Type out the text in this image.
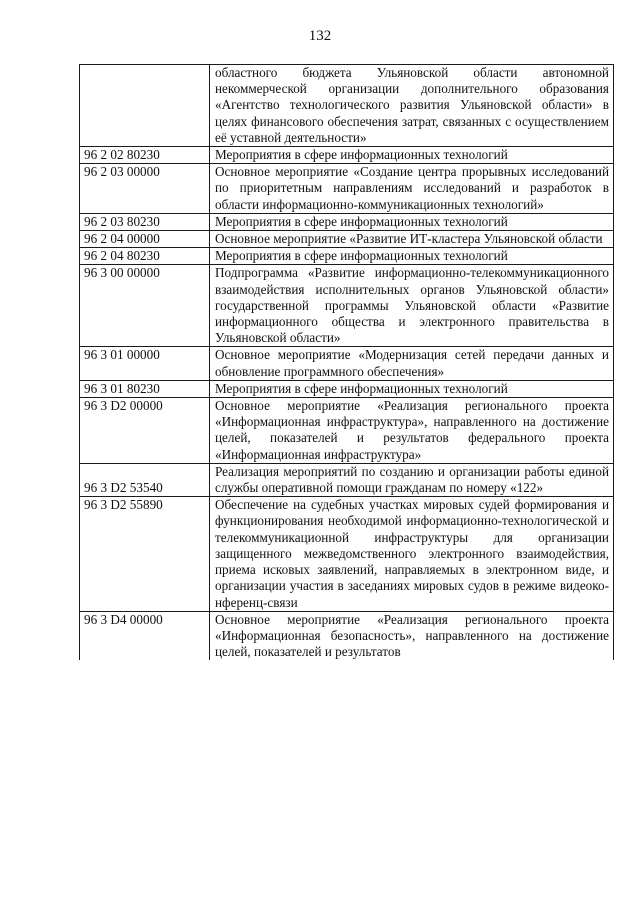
132
	областного бюджета Ульяновской области автономной некоммерческой организации дополнительного образования «Агентство технологического развития Ульяновской области» в целях финансового обеспечения затрат, связанных с осуществлением её уставной деятельности»
96 2 02 80230	Мероприятия в сфере информационных технологий
96 2 03 00000	Основное мероприятие «Создание центра прорывных исследований по приоритетным направлениям исследований и разработок в области информационно-коммуникационных технологий»
96 2 03 80230	Мероприятия в сфере информационных технологий
96 2 04 00000	Основное мероприятие «Развитие ИТ-кластера Ульяновской области
96 2 04 80230	Мероприятия в сфере информационных технологий
96 3 00 00000	Подпрограмма «Развитие информационно-телекоммуникационного взаимодействия исполнительных органов Ульяновской области» государственной программы Ульяновской области «Развитие информационного общества и электронного правительства в Ульяновской области»
96 3 01 00000	Основное мероприятие «Модернизация сетей передачи данных и обновление программного обеспечения»
96 3 01 80230	Мероприятия в сфере информационных технологий
96 3 D2 00000	Основное мероприятие «Реализация регионального проекта «Информационная инфраструктура», направленного на достижение целей, показателей и результатов федерального проекта «Информационная инфраструктура»
96 3 D2 53540	Реализация мероприятий по созданию и организации работы единой службы оперативной помощи гражданам по номеру «122»
96 3 D2 55890	Обеспечение на судебных участках мировых судей формирования и функционирования необходимой информационно-технологической и телекоммуникационной инфраструктуры для организации защищенного межведомственного электронного взаимодействия, приема исковых заявлений, направляемых в электронном виде, и организации участия в заседаниях мировых судов в режиме видеоко-нференц-связи
96 3 D4 00000	Основное мероприятие «Реализация регионального проекта «Информационная безопасность», направленного на достижение целей, показателей и результатов
